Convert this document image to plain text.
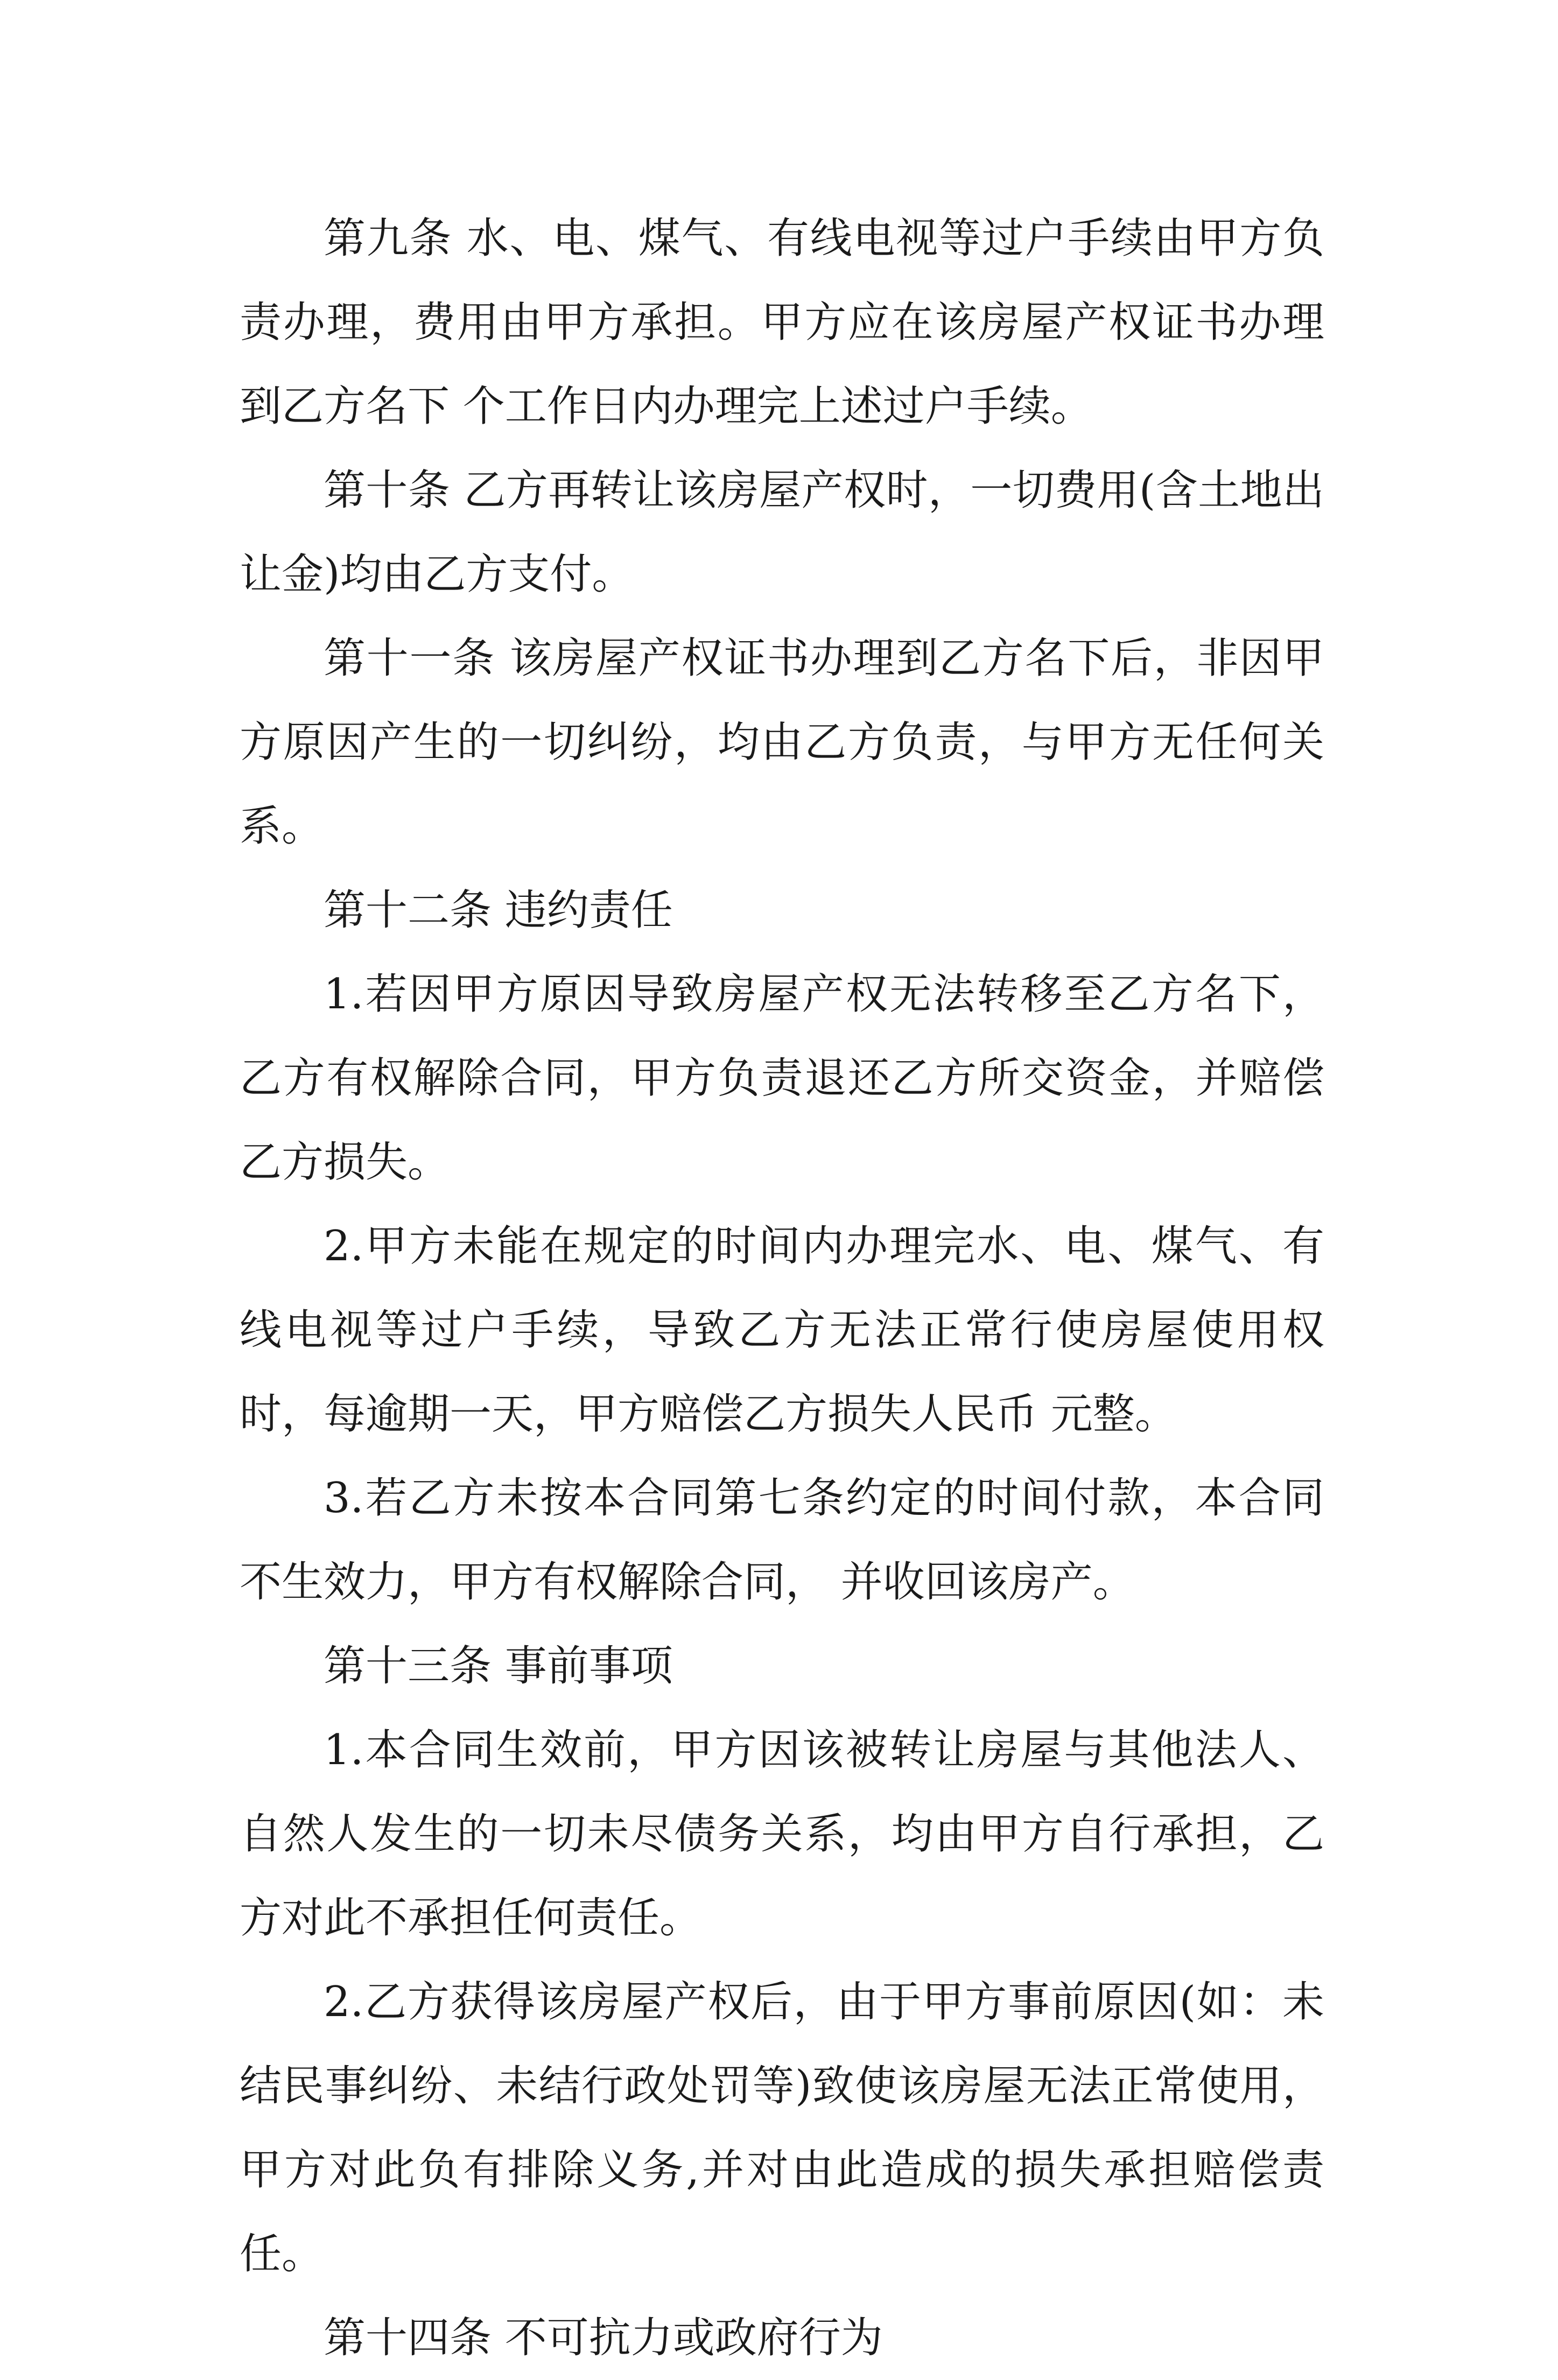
第九条 水、电、煤气、有线电视等过户手续由甲方负责办理，费用由甲方承担。甲方应在该房屋产权证书办理到乙方名下 个工作日内办理完上述过户手续。

第十条 乙方再转让该房屋产权时，一切费用(含土地出让金)均由乙方支付。

第十一条 该房屋产权证书办理到乙方名下后，非因甲方原因产生的一切纠纷，均由乙方负责，与甲方无任何关系。

第十二条 违约责任

1.若因甲方原因导致房屋产权无法转移至乙方名下，乙方有权解除合同，甲方负责退还乙方所交资金，并赔偿乙方损失。

2.甲方未能在规定的时间内办理完水、电、煤气、有线电视等过户手续，导致乙方无法正常行使房屋使用权时，每逾期一天，甲方赔偿乙方损失人民币 元整。

3.若乙方未按本合同第七条约定的时间付款，本合同不生效力，甲方有权解除合同， 并收回该房产。

第十三条 事前事项

1.本合同生效前，甲方因该被转让房屋与其他法人、自然人发生的一切未尽债务关系，均由甲方自行承担，乙方对此不承担任何责任。

2.乙方获得该房屋产权后，由于甲方事前原因(如：未结民事纠纷、未结行政处罚等)致使该房屋无法正常使用，甲方对此负有排除义务,并对由此造成的损失承担赔偿责任。

第十四条 不可抗力或政府行为
